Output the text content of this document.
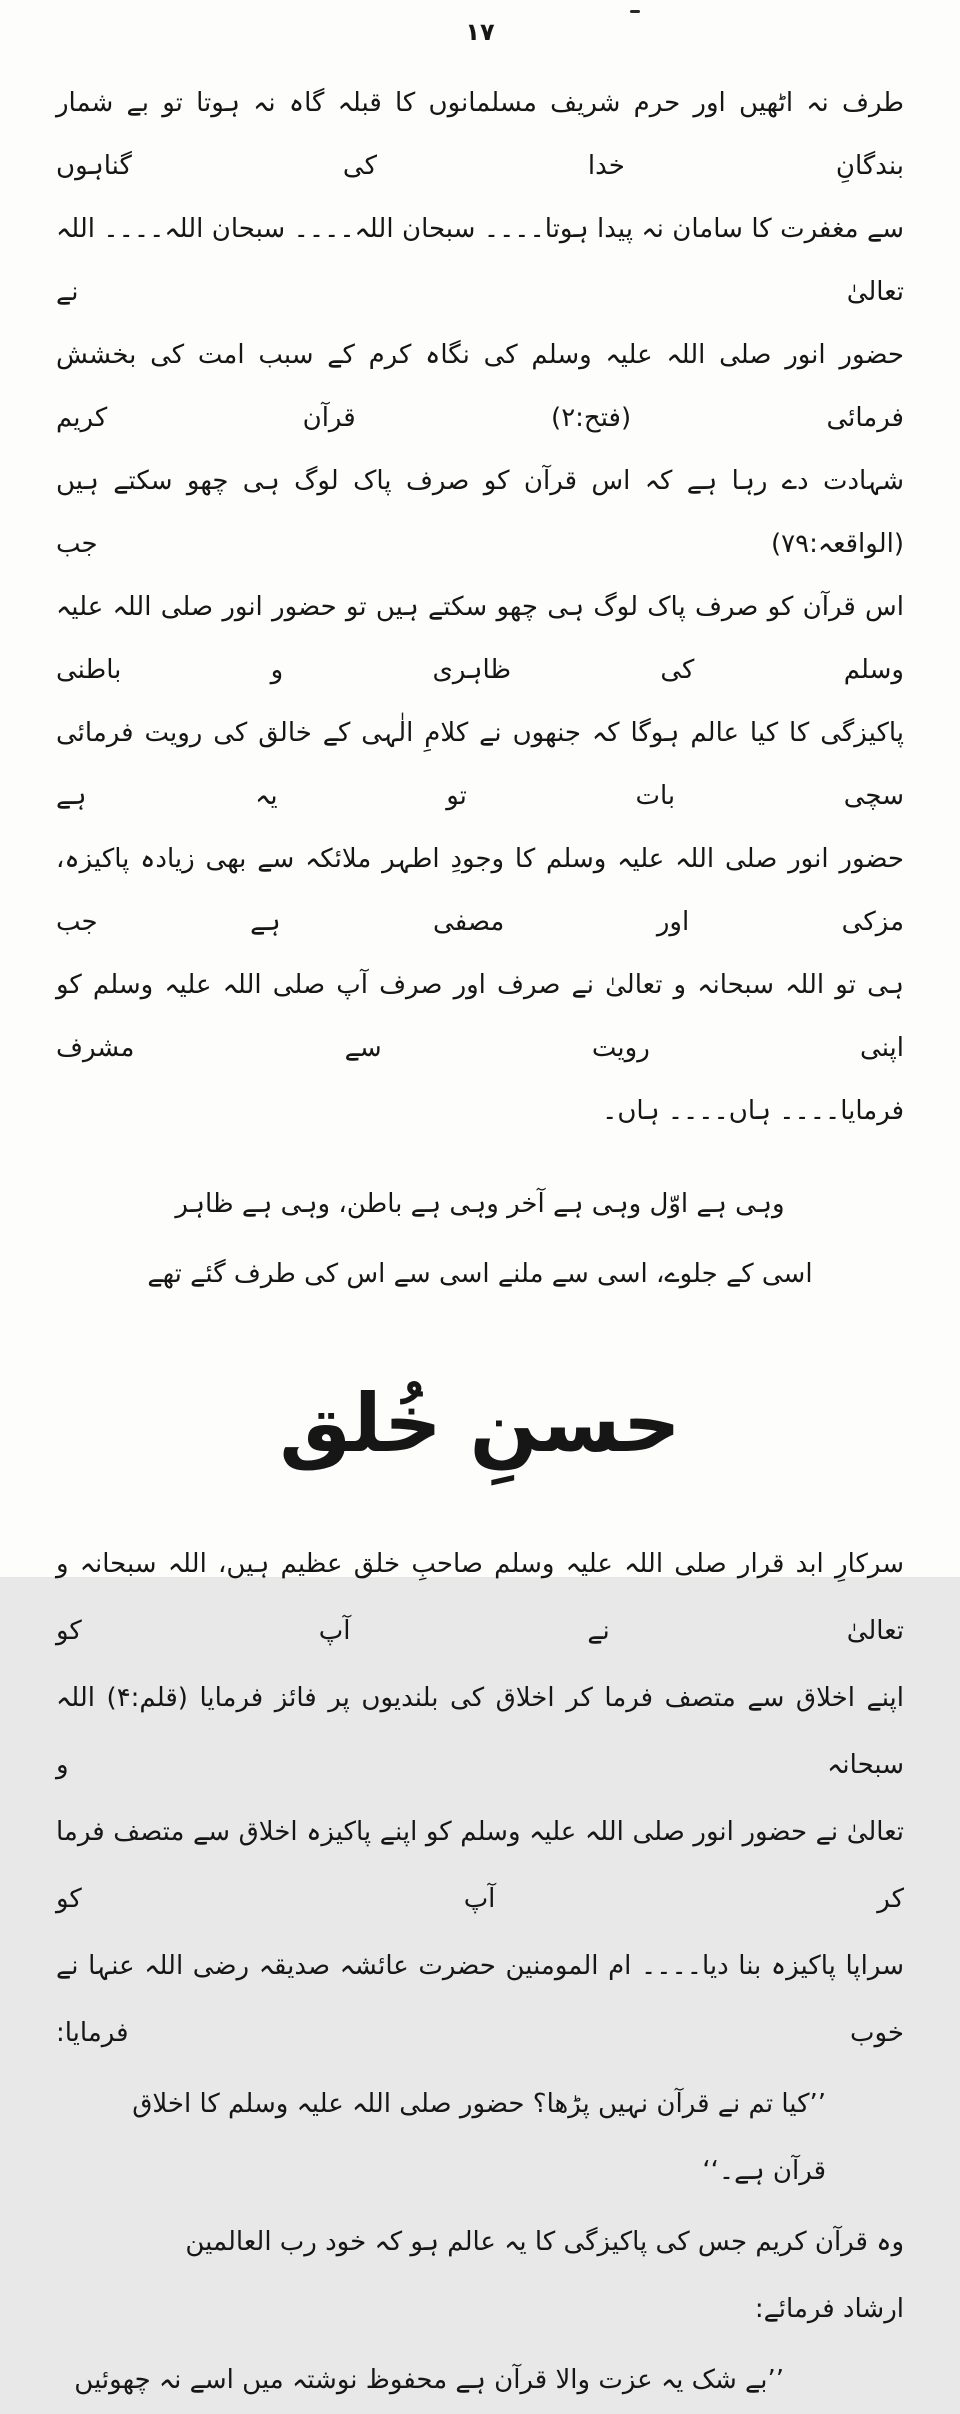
۱۷
طرف نہ اٹھیں اور حرم شریف مسلمانوں کا قبلہ گاہ نہ ہوتا تو بے شمار بندگانِ خدا کی گناہوں
سے مغفرت کا سامان نہ پیدا ہوتا۔۔۔۔ سبحان اللہ۔۔۔۔ سبحان اللہ۔۔۔۔ اللہ تعالیٰ نے
حضور انور صلی اللہ علیہ وسلم کی نگاہ کرم کے سبب امت کی بخشش فرمائی (فتح:۲) قرآن کریم
شہادت دے رہا ہے کہ اس قرآن کو صرف پاک لوگ ہی چھو سکتے ہیں (الواقعہ:۷۹) جب
اس قرآن کو صرف پاک لوگ ہی چھو سکتے ہیں تو حضور انور صلی اللہ علیہ وسلم کی ظاہری و باطنی
پاکیزگی کا کیا عالم ہوگا کہ جنھوں نے کلامِ الٰہی کے خالق کی رویت فرمائی سچی بات تو یہ ہے
حضور انور صلی اللہ علیہ وسلم کا وجودِ اطہر ملائکہ سے بھی زیادہ پاکیزہ، مزکی اور مصفی ہے جب
ہی تو اللہ سبحانہ و تعالیٰ نے صرف اور صرف آپ صلی اللہ علیہ وسلم کو اپنی رویت سے مشرف
فرمایا۔۔۔۔ ہاں۔۔۔۔ ہاں۔
وہی ہے اوّل وہی ہے آخر وہی ہے باطن، وہی ہے ظاہر
اسی کے جلوے، اسی سے ملنے اسی سے اس کی طرف گئے تھے
حسنِ خُلق
سرکارِ ابد قرار صلی اللہ علیہ وسلم صاحبِ خلق عظیم ہیں، اللہ سبحانہ و تعالیٰ نے آپ کو
اپنے اخلاق سے متصف فرما کر اخلاق کی بلندیوں پر فائز فرمایا (قلم:۴) اللہ سبحانہ و
تعالیٰ نے حضور انور صلی اللہ علیہ وسلم کو اپنے پاکیزہ اخلاق سے متصف فرما کر آپ کو
سراپا پاکیزہ بنا دیا۔۔۔۔ ام المومنین حضرت عائشہ صدیقہ رضی اللہ عنہا نے خوب فرمایا:
’’کیا تم نے قرآن نہیں پڑھا؟ حضور صلی اللہ علیہ وسلم کا اخلاق
قرآن ہے۔‘‘
وہ قرآن کریم جس کی پاکیزگی کا یہ عالم ہو کہ خود رب العالمین ارشاد فرمائے:
’’بے شک یہ عزت والا قرآن ہے محفوظ نوشتہ میں اسے نہ چھوئیں
